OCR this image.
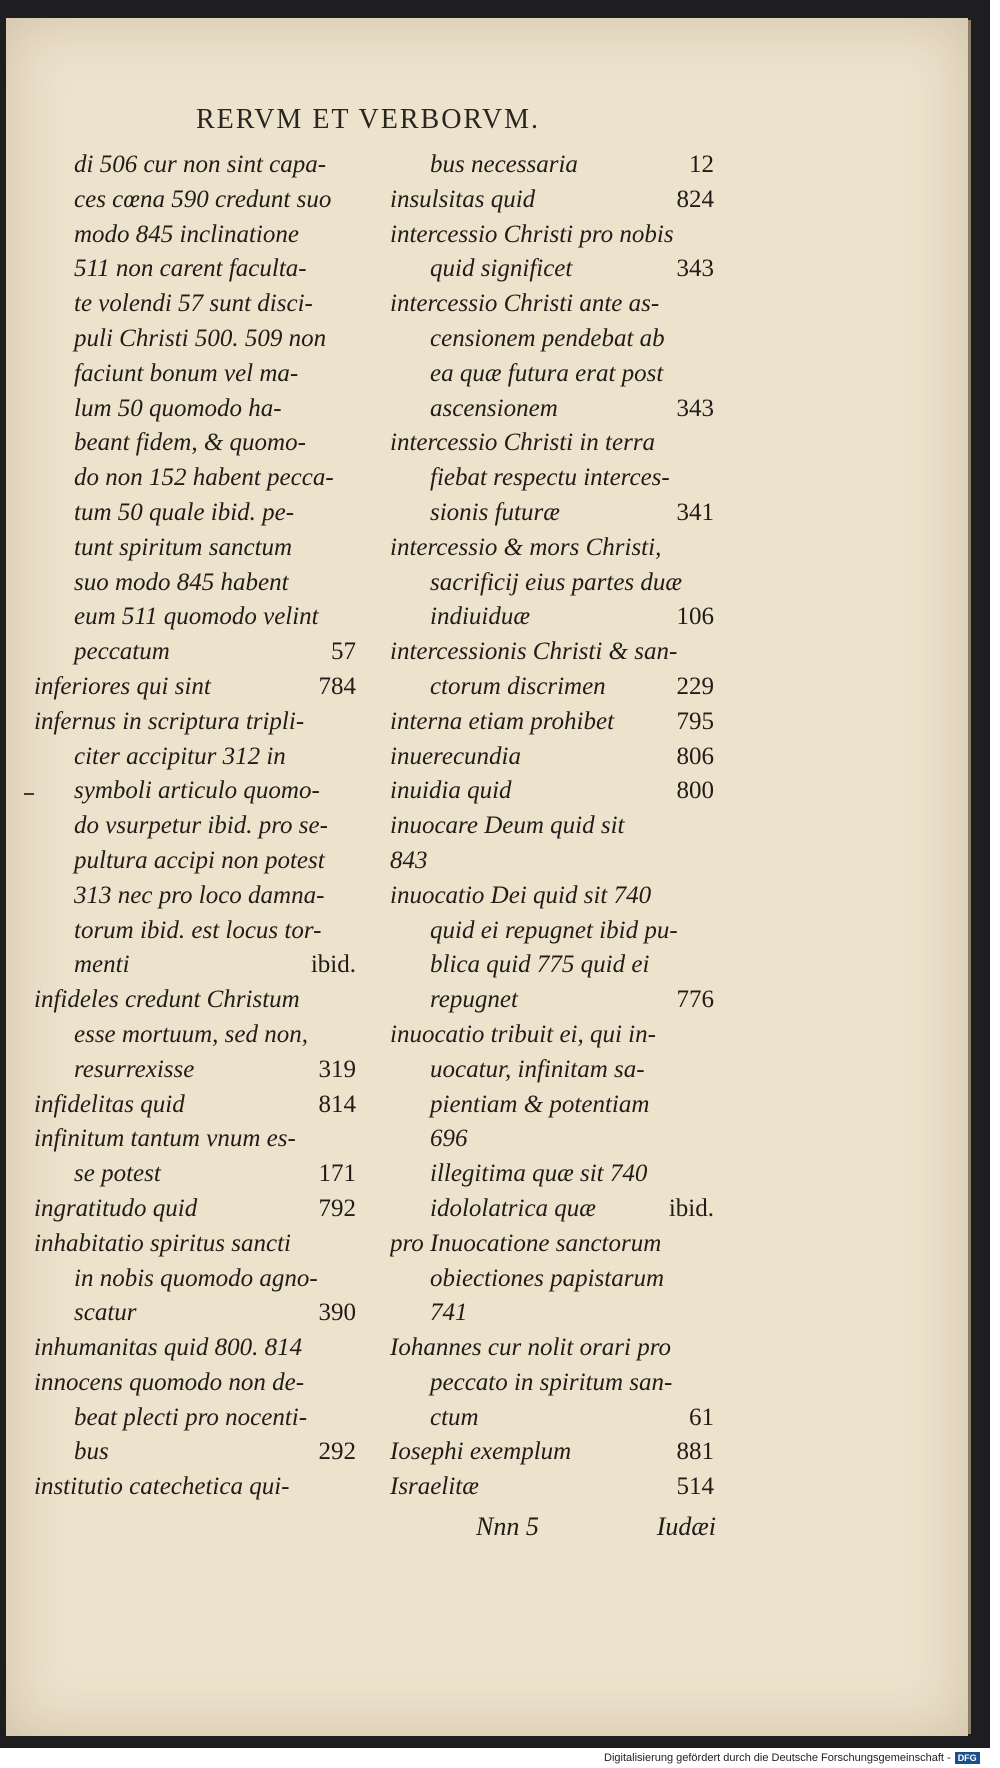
RERVM ET VERBORVM.
di 506 cur non sint capa-
ces cœna 590 credunt suo
modo 845 inclinatione
511 non carent faculta-
te volendi 57 sunt disci-
puli Christi 500. 509 non
faciunt bonum vel ma-
lum 50 quomodo ha-
beant fidem, & quomo-
do non 152 habent pecca-
tum 50 quale ibid. pe-
tunt spiritum sanctum
suo modo 845 habent
eum 511 quomodo velint
peccatum	57
inferiores qui sint	784
infernus in scriptura tripli-
citer accipitur 312 in
symboli articulo quomo-
do vsurpetur ibid. pro se-
pultura accipi non potest
313 nec pro loco damna-
torum ibid. est locus tor-
menti	ibid.
infideles credunt Christum
esse mortuum, sed non,
resurrexisse	319
infidelitas quid	814
infinitum tantum vnum es-
se potest	171
ingratitudo quid	792
inhabitatio spiritus sancti
in nobis quomodo agno-
scatur	390
inhumanitas quid 800. 814
innocens quomodo non de-
beat plecti pro nocenti-
bus	292
institutio catechetica qui-
bus necessaria	12
insulsitas quid	824
intercessio Christi pro nobis
quid significet	343
intercessio Christi ante as-
censionem pendebat ab
ea quæ futura erat post
ascensionem	343
intercessio Christi in terra
fiebat respectu interces-
sionis futuræ	341
intercessio & mors Christi,
sacrificij eius partes duæ
indiuiduæ	106
intercessionis Christi & san-
ctorum discrimen	229
interna etiam prohibet	795
inuerecundia	806
inuidia quid	800
inuocare Deum quid sit
843
inuocatio Dei quid sit 740
quid ei repugnet ibid pu-
blica quid 775 quid ei
repugnet	776
inuocatio tribuit ei, qui in-
uocatur, infinitam sa-
pientiam & potentiam
696
illegitima quæ sit 740
idololatrica quæ	ibid.
pro Inuocatione sanctorum
obiectiones papistarum
741
Iohannes cur nolit orari pro
peccato in spiritum san-
ctum	61
Iosephi exemplum	881
Israelitæ	514
Nnn 5	Iudæi
Digitalisierung gefördert durch die Deutsche Forschungsgemeinschaft - DFG
